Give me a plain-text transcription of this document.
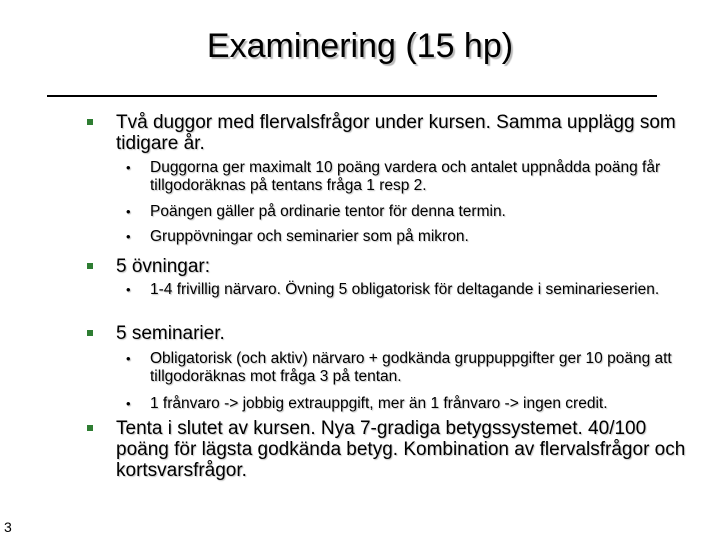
Examinering (15 hp)
Två duggor med flervalsfrågor under kursen. Samma upplägg som tidigare år.
• Duggorna ger maximalt 10 poäng vardera och antalet uppnådda poäng får tillgodoräknas på tentans fråga 1 resp 2.
• Poängen gäller på ordinarie tentor för denna termin.
• Gruppövningar och seminarier som på mikron.
5 övningar:
• 1-4 frivillig närvaro. Övning 5 obligatorisk för deltagande i seminarieserien.
5 seminarier.
• Obligatorisk (och aktiv) närvaro + godkända gruppuppgifter ger 10 poäng att tillgodoräknas mot fråga 3 på tentan.
• 1 frånvaro -> jobbig extrauppgift, mer än 1 frånvaro -> ingen credit.
Tenta i slutet av kursen. Nya 7-gradiga betygssystemet. 40/100 poäng för lägsta godkända betyg. Kombination av flervalsfrågor och kortsvarsfrågor.
3
